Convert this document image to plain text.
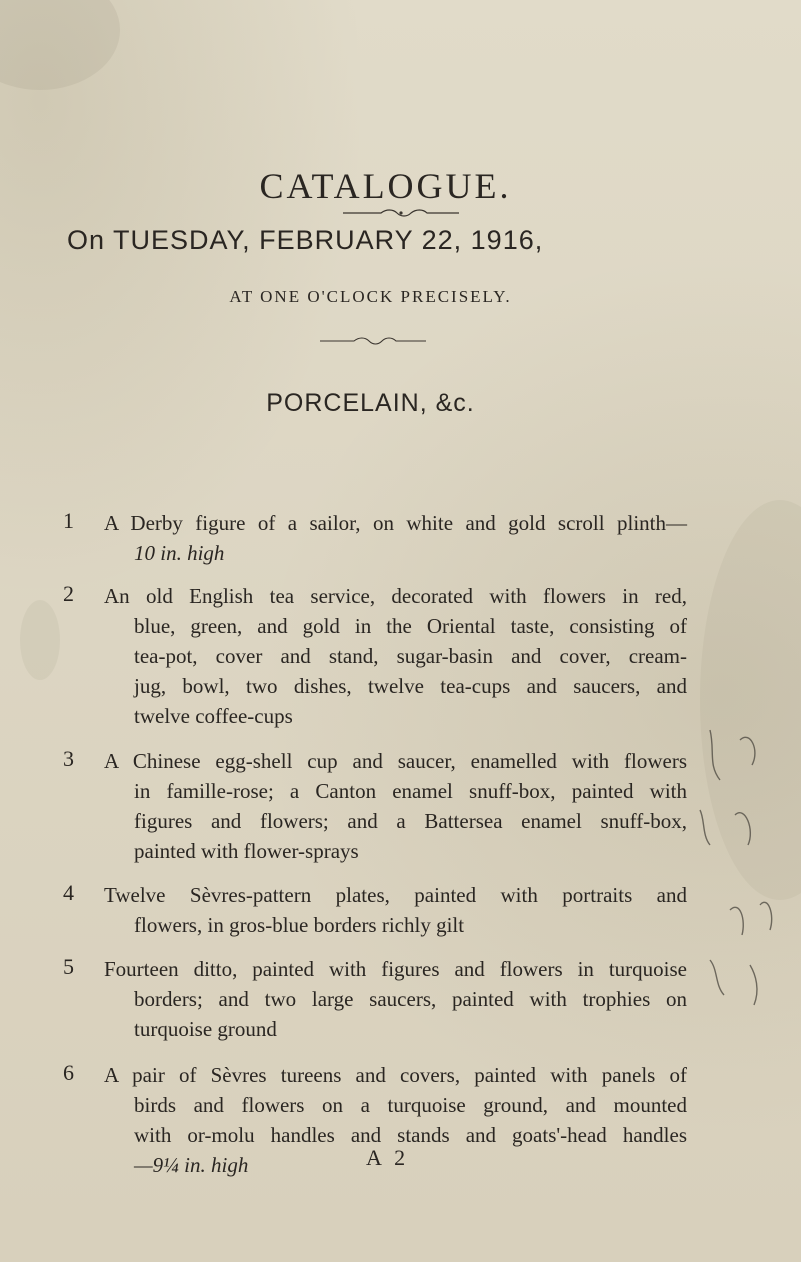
CATALOGUE.
On TUESDAY, FEBRUARY 22, 1916,
AT ONE O'CLOCK PRECISELY.
PORCELAIN, &c.
1 A Derby figure of a sailor, on white and gold scroll plinth—
10 in. high
2 An old English tea service, decorated with flowers in red,
blue, green, and gold in the Oriental taste, consisting of
tea-pot, cover and stand, sugar-basin and cover, cream-
jug, bowl, two dishes, twelve tea-cups and saucers, and
twelve coffee-cups
3 A Chinese egg-shell cup and saucer, enamelled with flowers
in famille-rose; a Canton enamel snuff-box, painted with
figures and flowers; and a Battersea enamel snuff-box,
painted with flower-sprays
4 Twelve Sèvres-pattern plates, painted with portraits and
flowers, in gros-blue borders richly gilt
5 Fourteen ditto, painted with figures and flowers in turquoise
borders; and two large saucers, painted with trophies on
turquoise ground
6 A pair of Sèvres tureens and covers, painted with panels of
birds and flowers on a turquoise ground, and mounted
with or-molu handles and stands and goats'-head handles
—9¼ in. high	A 2
